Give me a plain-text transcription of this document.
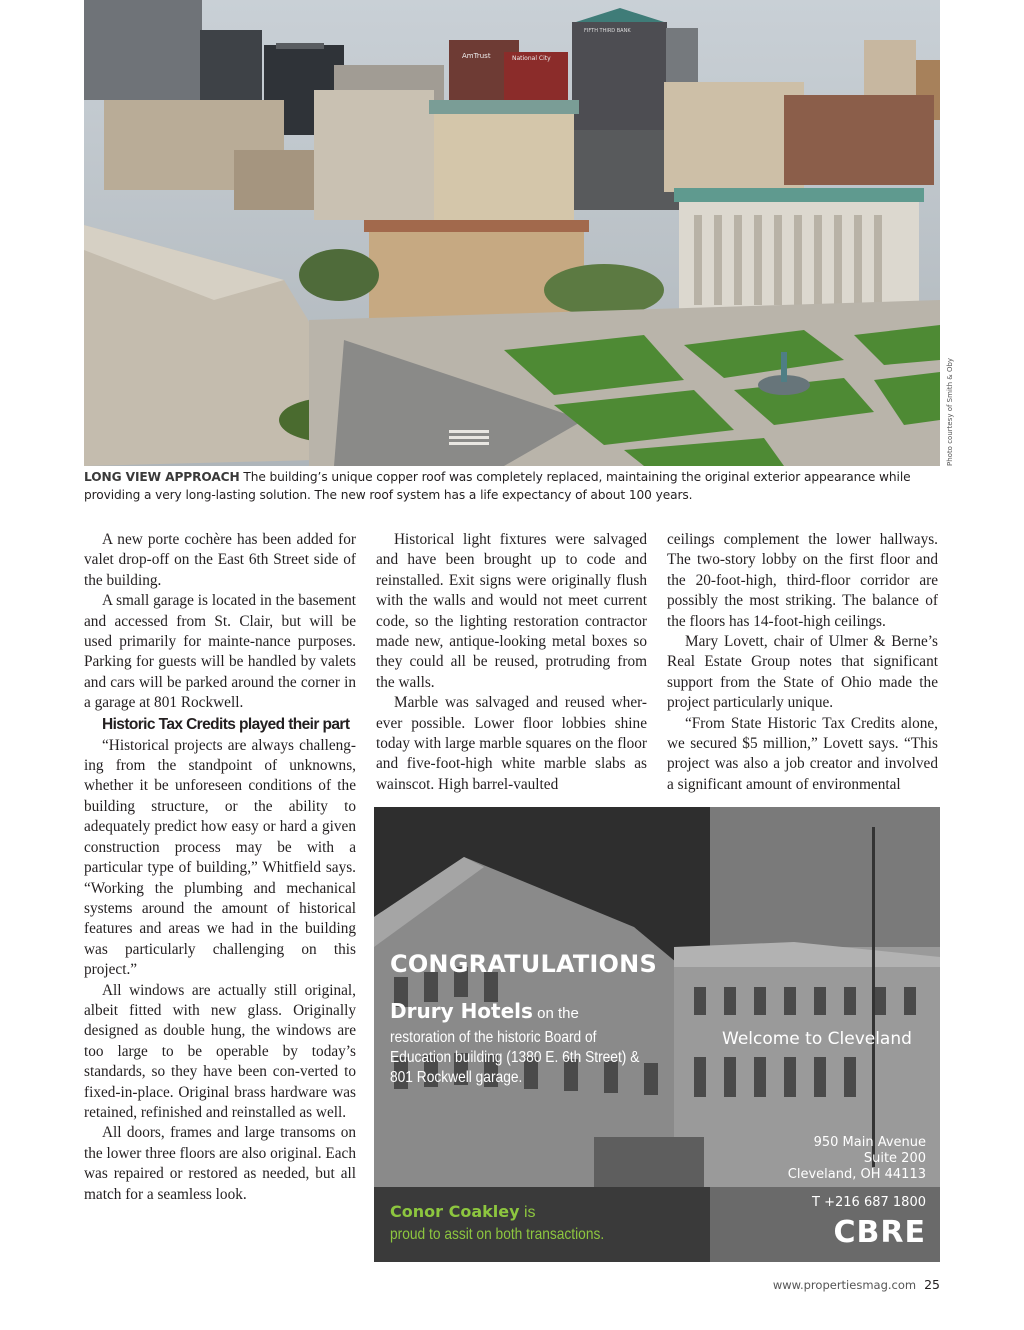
AmTrust	National City
FIFTH THIRD BANK
Photo courtesy of Smith & Oby
LONG VIEW APPROACH The building’s unique copper roof was completely replaced, maintaining the original exterior appearance while providing a very long-lasting solution. The new roof system has a life expectancy of about 100 years.

A new porte cochère has been added for valet drop-off on the East 6th Street side of the building.

A small garage is located in the basement and accessed from St. Clair, but will be used primarily for mainte-nance purposes. Parking for guests will be handled by valets and cars will be parked around the corner in a garage at 801 Rockwell.

Historic Tax Credits played their part

“Historical projects are always challeng-ing from the standpoint of unknowns, whether it be unforeseen conditions of the building structure, or the ability to adequately predict how easy or hard a given construction process may be with a particular type of building,” Whitfield says. “Working the plumbing and mechanical systems around the amount of historical features and areas we had in the building was particularly challenging on this project.”

All windows are actually still original, albeit fitted with new glass. Originally designed as double hung, the windows are too large to be operable by today’s standards, so they have been con-verted to fixed-in-place. Original brass hardware was retained, refinished and reinstalled as well.

All doors, frames and large transoms on the lower three floors are also original. Each was repaired or restored as needed, but all match for a seamless look.

Historical light fixtures were salvaged and have been brought up to code and reinstalled. Exit signs were originally flush with the walls and would not meet current code, so the lighting restoration contractor made new, antique-looking metal boxes so they could all be reused, protruding from the walls.

Marble was salvaged and reused wher-ever possible. Lower floor lobbies shine today with large marble squares on the floor and five-foot-high white marble slabs as wainscot. High barrel-vaulted

ceilings complement the lower hallways. The two-story lobby on the first floor and the 20-foot-high, third-floor corridor are possibly the most striking. The balance of the floors has 14-foot-high ceilings.

Mary Lovett, chair of Ulmer & Berne’s Real Estate Group notes that significant support from the State of Ohio made the project particularly unique.

“From State Historic Tax Credits alone, we secured $5 million,” Lovett says. “This project was also a job creator and involved a significant amount of environmental

CONGRATULATIONS
Drury Hotels on the
restoration of the historic Board of Education building (1380 E. 6th Street) & 801 Rockwell garage.
Welcome to Cleveland
950 Main Avenue
Suite 200
Cleveland, OH 44113
T +216 687 1800
CBRE
Conor Coakley is
proud to assit on both transactions.
www.propertiesmag.com 25
